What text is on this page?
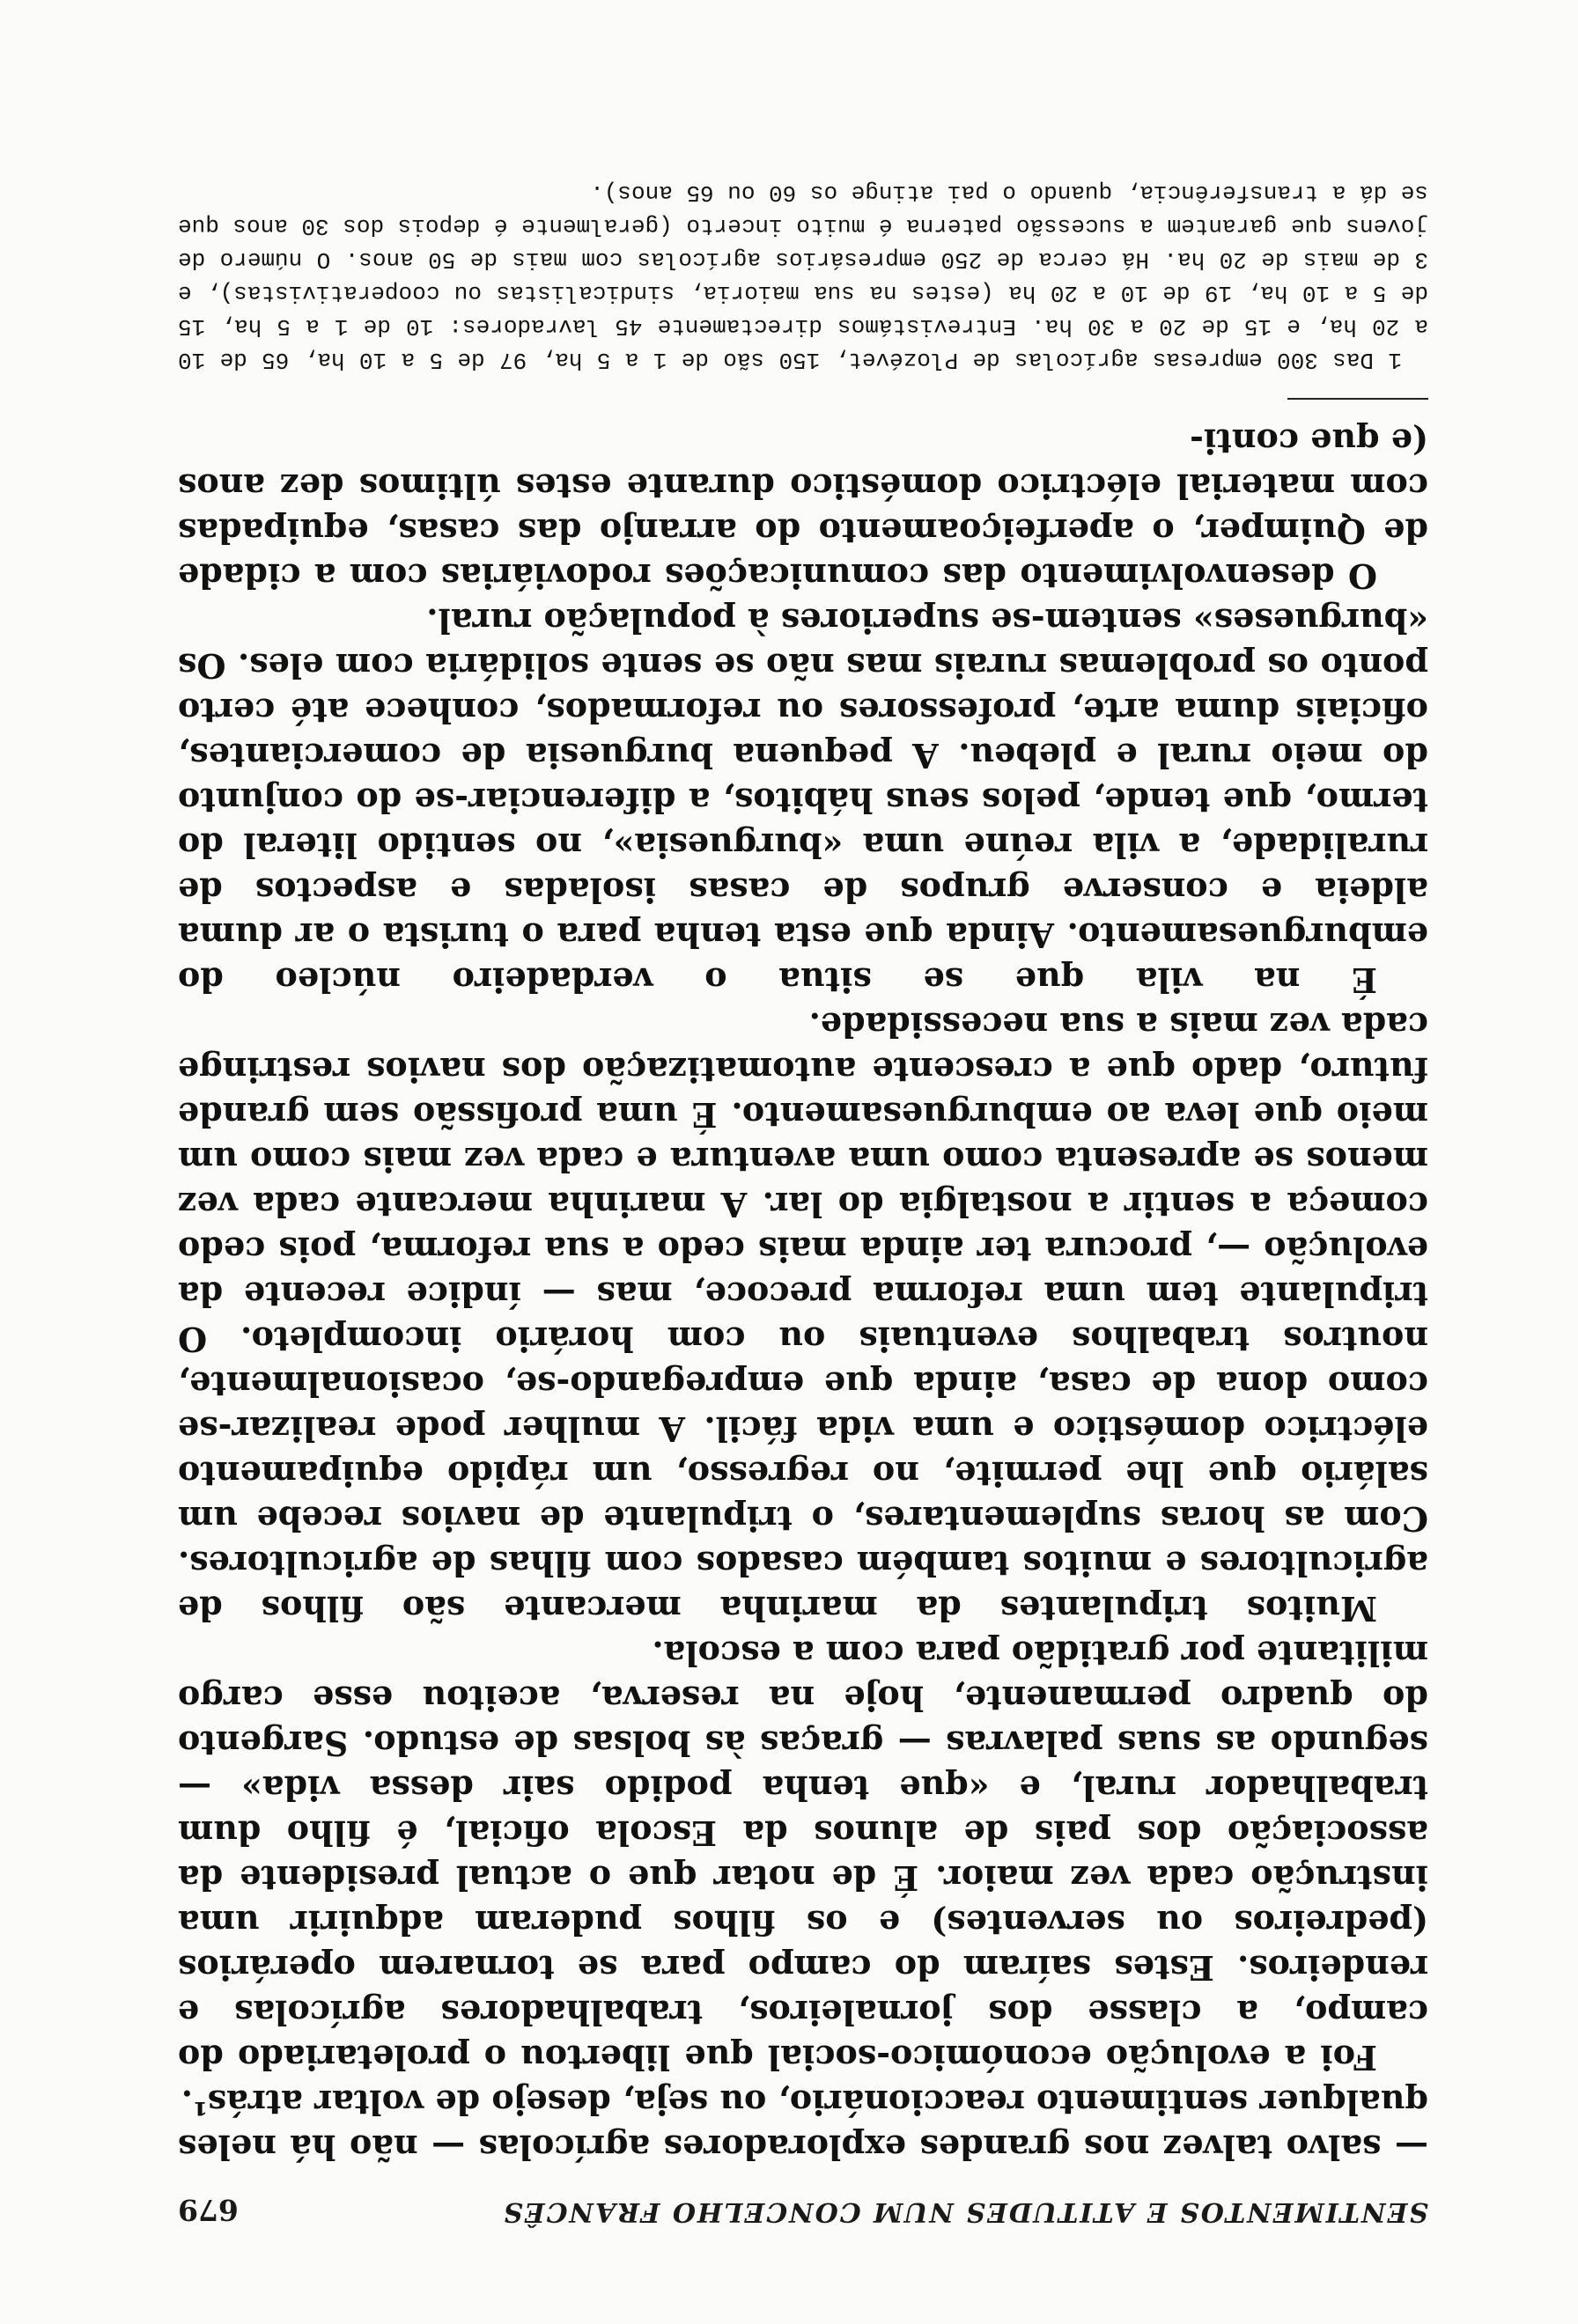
SENTIMENTOS E ATITUDES NUM CONCELHO FRANCÊS
679

— salvo talvez nos grandes exploradores agrícolas — não há neles qualquer sentimento reaccionário, ou seja, desejo de voltar atrás¹.

Foi a evolução económico-social que libertou o proletariado do campo, a classe dos jornaleiros, trabalhadores agrícolas e rendeiros. Estes saíram do campo para se tornarem operários (pedreiros ou serventes) e os filhos puderam adquirir uma instrução cada vez maior. É de notar que o actual presidente da associação dos pais de alunos da Escola oficial, é filho dum trabalhador rural, e «que tenha podido sair dessa vida» — segundo as suas palavras — graças às bolsas de estudo. Sargento do quadro permanente, hoje na reserva, aceitou esse cargo militante por gratidão para com a escola.

Muitos tripulantes da marinha mercante são filhos de agricultores e muitos também casados com filhas de agricultores. Com as horas suplementares, o tripulante de navios recebe um salário que lhe permite, no regresso, um rápido equipamento eléctrico doméstico e uma vida fácil. A mulher pode realizar-se como dona de casa, ainda que empregando-se, ocasionalmente, noutros trabalhos eventuais ou com horário incompleto. O tripulante tem uma reforma precoce, mas — índice recente da evolução —, procura ter ainda mais cedo a sua reforma, pois cedo começa a sentir a nostalgia do lar. A marinha mercante cada vez menos se apresenta como uma aventura e cada vez mais como um meio que leva ao emburguesamento. É uma profissão sem grande futuro, dado que a crescente automatização dos navios restringe cada vez mais a sua necessidade.

É na vila que se situa o verdadeiro núcleo do emburguesamento. Ainda que esta tenha para o turista o ar duma aldeia e conserve grupos de casas isoladas e aspectos de ruralidade, a vila reúne uma «burguesia», no sentido literal do termo, que tende, pelos seus hábitos, a diferenciar-se do conjunto do meio rural e plebeu. A pequena burguesia de comerciantes, oficiais duma arte, professores ou reformados, conhece até certo ponto os problemas rurais mas não se sente solidária com eles. Os «burgueses» sentem-se superiores à população rural.

O desenvolvimento das comunicações rodoviárias com a cidade de Quimper, o aperfeiçoamento do arranjo das casas, equipadas com material eléctrico doméstico durante estes últimos dez anos (e que conti-

1 Das 300 empresas agrícolas de Plozévet, 150 são de 1 a 5 ha, 97 de 5 a 10 ha, 65 de 10 a 20 ha, e 15 de 20 a 30 ha. Entrevistámos directamente 45 lavradores: 10 de 1 a 5 ha, 15 de 5 a 10 ha, 19 de 10 a 20 ha (estes na sua maioria, sindicalistas ou cooperativistas), e 3 de mais de 20 ha. Há cerca de 250 empresários agrícolas com mais de 50 anos. O número de jovens que garantem a sucessão paterna é muito incerto (geralmente é depois dos 30 anos que se dá a transferência, quando o pai atinge os 60 ou 65 anos).
